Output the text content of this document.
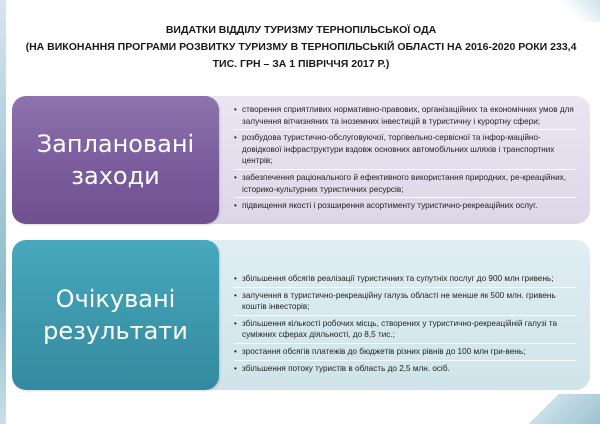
ВИДАТКИ ВІДДІЛУ ТУРИЗМУ ТЕРНОПІЛЬСЬКОЇ ОДА
(НА ВИКОНАННЯ ПРОГРАМИ РОЗВИТКУ ТУРИЗМУ В ТЕРНОПІЛЬСЬКІЙ ОБЛАСТІ НА 2016-2020 РОКИ 233,4
ТИС. ГРН – ЗА 1 ПІВРІЧЧЯ 2017 Р.)
Заплановані
заходи
• створення сприятливих нормативно-правових, організаційних та економічних умов для залучення вітчизняних та іноземних інвестицій в туристичну і курортну сфери;
• розбудова туристично-обслуговуючої, торгівельно-сервісної та інфор-маційно-довідкової інфраструктури вздовж основних автомобільних шляхів і транспортних центрів;
• забезпечення раціонального й ефективного використання природних, ре-креаційних, історико-культурних туристичних ресурсів;
• підвищення якості і розширення асортименту туристично-рекреаційних ослуг.
Очікувані
результати
• збільшення обсягів реалізації туристичних та супутніх послуг до 900 млн гривень;
• залучення в туристично-рекреаційну галузь області не менше як 500 млн. гривень коштів інвесторів;
• збільшення кількості робочих місць, створених у туристично-рекреаційній галузі та суміжних сферах діяльності, до 8,5 тис.;
• зростання обсягів платежів до бюджетів різних рівнів до 100 млн гри-вень;
• збільшення потоку туристів в область до 2,5 млн. осіб.
